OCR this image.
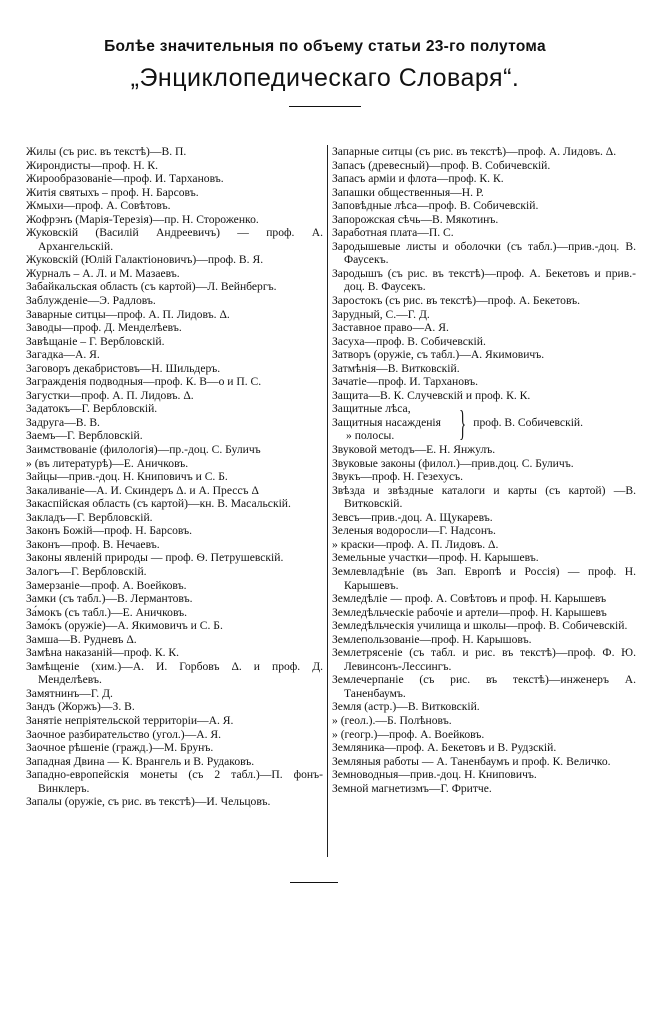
Болѣе значительныя по объему статьи 23-го полутома
„Энциклопедическаго Словаря“.
Жилы (съ рис. въ текстѣ)—В. П.
Жирондисты—проф. Н. К.
Жирообразованіе—проф. И. Тархановъ.
Житія святыхъ – проф. Н. Барсовъ.
Жмыхи—проф. А. Совѣтовъ.
Жофрэнъ (Марія-Терезія)—пр. Н. Стороженко.
Жуковскій (Василій Андреевичъ) — проф. А. Архангельскій.
Жуковскій (Юлій Галактіоновичъ)—проф. В. Я.
Журналъ – А. Л. и М. Мазаевъ.
Забайкальская область (съ картой)—Л. Вейнбергъ.
Заблужденіе—Э. Радловъ.
Заварные ситцы—проф. А. П. Лидовъ. Δ.
Заводы—проф. Д. Менделѣевъ.
Завѣщаніе – Г. Вербловскій.
Загадка—А. Я.
Заговоръ декабристовъ—Н. Шильдеръ.
Загражденія подводныя—проф. К. В—о и П. С.
Загустки—проф. А. П. Лидовъ. Δ.
Задатокъ—Г. Вербловскій.
Задруга—В. В.
Заемъ—Г. Вербловскій.
Заимствованіе (филологія)—пр.-доц. С. Буличъ
» (въ литературѣ)—Е. Аничковъ.
Зайцы—прив.-доц. Н. Книповичъ и С. Б.
Закаливаніе—А. И. Скиндеръ Δ. и А. Прессъ Δ
Закаспійская область (съ картой)—кн. В. Масальскій.
Закладъ—Г. Вербловскій.
Законъ Божій—проф. Н. Барсовъ.
Законъ—проф. В. Нечаевъ.
Законы явленій природы — проф. Ѳ. Петрушевскій.
Залогъ—Г. Вербловскій.
Замерзаніе—проф. А. Воейковъ.
Замки (съ табл.)—В. Лермантовъ.
За́мокъ (съ табл.)—Е. Аничковъ.
Замо́къ (оружіе)—А. Якимовичъ и С. Б.
Замша—В. Рудневъ Δ.
Замѣна наказаній—проф. К. К.
Замѣщеніе (хим.)—А. И. Горбовъ Δ. и проф. Д. Менделѣевъ.
Замятнинъ—Г. Д.
Зандъ (Жоржъ)—З. В.
Занятіе непріятельской территоріи—А. Я.
Заочное разбирательство (угол.)—А. Я.
Заочное рѣшеніе (гражд.)—М. Брунъ.
Западная Двина — К. Врангель и В. Рудаковъ.
Западно-европейскія монеты (съ 2 табл.)—П. фонъ-Винклеръ.
Запалы (оружіе, съ рис. въ текстѣ)—И. Чельцовъ.
Запарные ситцы (съ рис. въ текстѣ)—проф. А. Лидовъ. Δ.
Запасъ (древесный)—проф. В. Собичевскій.
Запасъ арміи и флота—проф. К. К.
Запашки общественныя—Н. Р.
Заповѣдные лѣса—проф. В. Собичевскій.
Запорожская сѣчь—В. Мякотинъ.
Заработная плата—П. С.
Зародышевые листы и оболочки (съ табл.)—прив.-доц. В. Фаусекъ.
Зародышъ (съ рис. въ текстѣ)—проф. А. Бекетовъ и прив.-доц. В. Фаусекъ.
Заростокъ (съ рис. въ текстѣ)—проф. А. Бекетовъ.
Зарудный, С.—Г. Д.
Заставное право—А. Я.
Засуха—проф. В. Собичевскій.
Затворъ (оружіе, съ табл.)—А. Якимовичъ.
Затмѣнія—В. Витковскій.
Зачатіе—проф. И. Тархановъ.
Защита—В. К. Случевскій и проф. К. К.
Защитные лѣса,
Защитныя насажденія
» полосы.	} проф. В. Собичевскій.
Звуковой методъ—Е. Н. Янжулъ.
Звуковые законы (филол.)—прив.доц. С. Буличъ.
Звукъ—проф. Н. Гезехусъ.
Звѣзда и звѣздные каталоги и карты (съ картой) —В. Витковскій.
Зевсъ—прив.-доц. А. Щукаревъ.
Зеленыя водоросли—Г. Надсонъ.
» краски—проф. А. П. Лидовъ. Δ.
Земельные участки—проф. Н. Карышевъ.
Землевладѣніе (въ Зап. Европѣ и Россія) — проф. Н. Карышевъ.
Земледѣліе — проф. А. Совѣтовъ и проф. Н. Карышевъ
Земледѣльческіе рабочіе и артели—проф. Н. Карышевъ
Земледѣльческія училища и школы—проф. В. Собичевскій.
Землепользованіе—проф. Н. Карышовъ.
Землетрясеніе (съ табл. и рис. въ текстѣ)—проф. Ф. Ю. Левинсонъ-Лессингъ.
Землечерпаніе (съ рис. въ текстѣ)—инженеръ А. Таненбаумъ.
Земля (астр.)—В. Витковскій.
» (геол.).—Б. Полѣновъ.
» (геогр.)—проф. А. Воейковъ.
Земляника—проф. А. Бекетовъ и В. Рудзскій.
Земляныя работы — А. Таненбаумъ и проф. К. Величко.
Земноводныя—прив.-доц. Н. Книповичъ.
Земной магнетизмъ—Г. Фритче.
